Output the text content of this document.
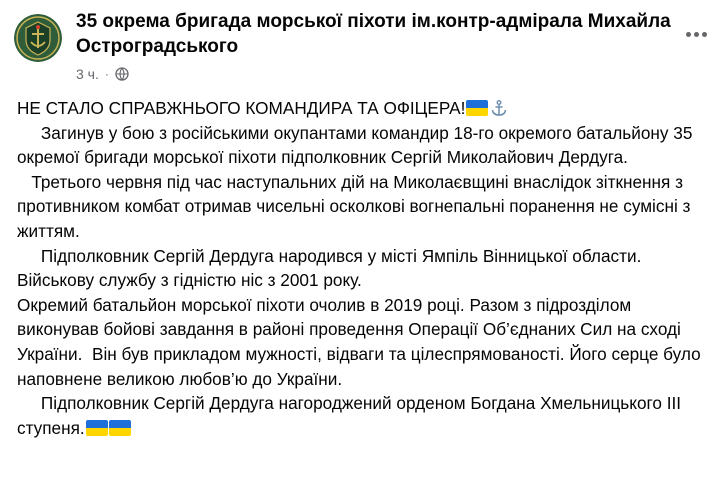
35 окрема бригада морської піхоти ім.контр-адмірала Михайла Остроградського
3 ч. ·

НЕ СТАЛО СПРАВЖНЬОГО КОМАНДИРА ТА ОФІЦЕРА!

Загинув у бою з російськими окупантами командир 18-го окремого батальйону 35 окремої бригади морської піхоти підполковник Сергій Миколайович Дердуга.

Третього червня під час наступальних дій на Миколаєвщині внаслідок зіткнення з противником комбат отримав чисельні осколкові вогнепальні поранення не сумісні з життям.

Підполковник Сергій Дердуга народився у місті Ямпіль Вінницької области. Військову службу з гідністю ніс з 2001 року.

Окремий батальйон морської піхоти очолив в 2019 році. Разом з підрозділом виконував бойові завдання в районі проведення Операції Об’єднаних Сил на сході України.  Він був прикладом мужності, відваги та цілеспрямованості. Його серце було наповнене великою любов’ю до України.

Підполковник Сергій Дердуга нагороджений орденом Богдана Хмельницького ІІІ ступеня.
